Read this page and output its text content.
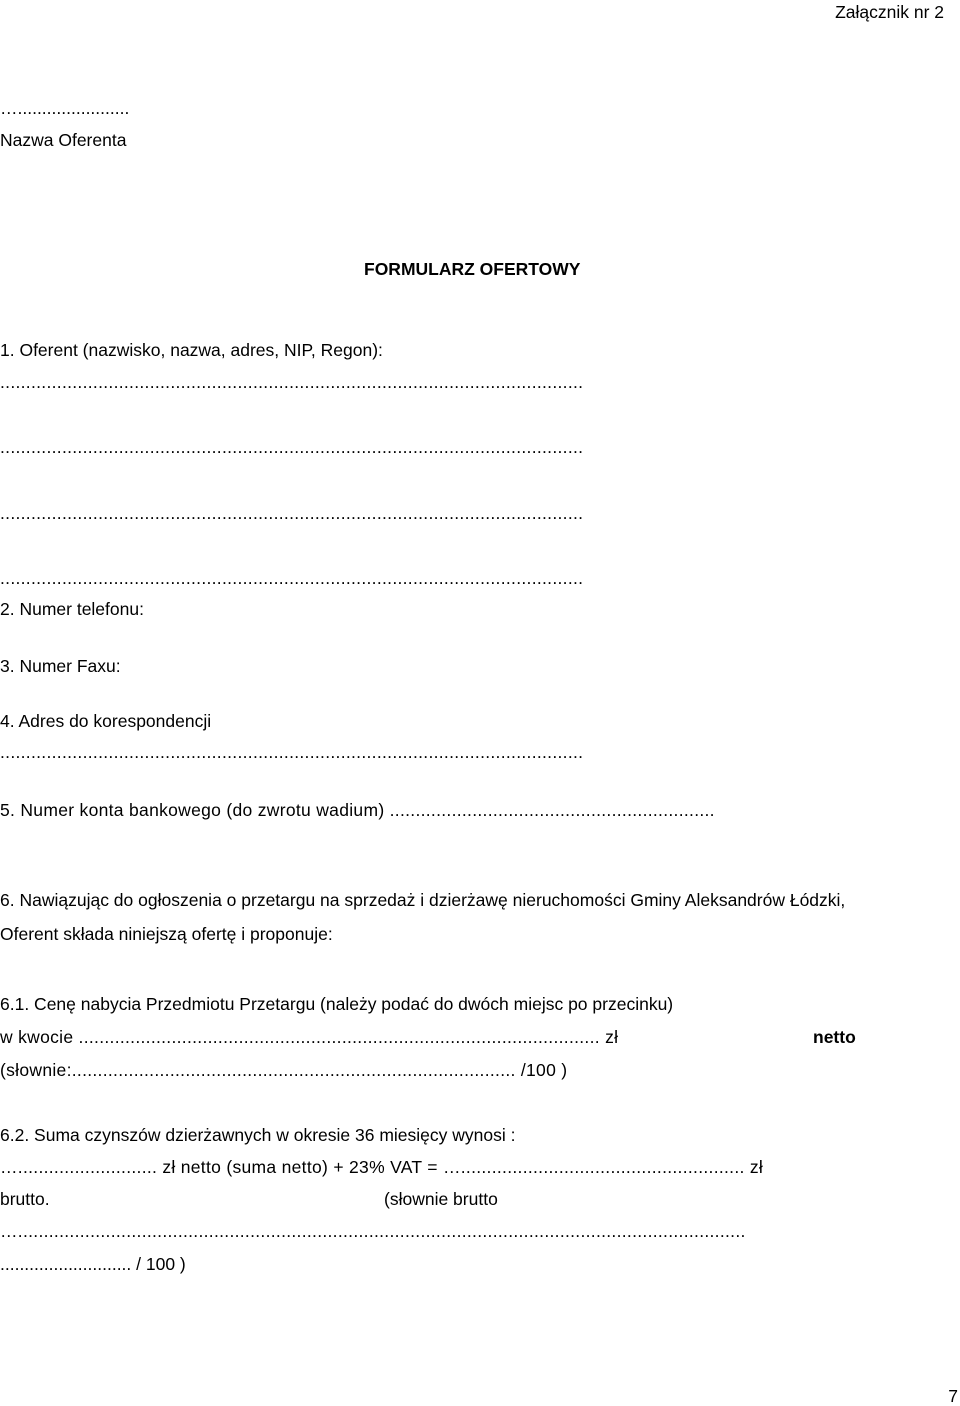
Załącznik nr 2
….......................
Nazwa Oferenta
FORMULARZ OFERTOWY
1. Oferent (nazwisko, nazwa, adres, NIP, Regon):
.................................................................................................................
.................................................................................................................
.................................................................................................................
.................................................................................................................
2. Numer telefonu:
3. Numer Faxu:
4. Adres do korespondencji
.................................................................................................................
5. Numer konta bankowego (do zwrotu wadium) ...............................................................
6. Nawiązując do ogłoszenia o przetargu na sprzedaż i dzierżawę nieruchomości Gminy Aleksandrów Łódzki,
Oferent składa niniejszą ofertę i proponuje:
6.1. Cenę nabycia Przedmiotu Przetargu (należy podać do dwóch miejsc po przecinku)
w kwocie ..................................................................................................... zł	netto
(słownie:...................................................................................... /100 )
6.2. Suma czynszów dzierżawnych w okresie 36 miesięcy wynosi :
…........................... zł netto (suma netto) + 23% VAT = …....................................................... zł
brutto.	(słownie brutto
….............................................................................................................................................
........................... / 100 )
7
